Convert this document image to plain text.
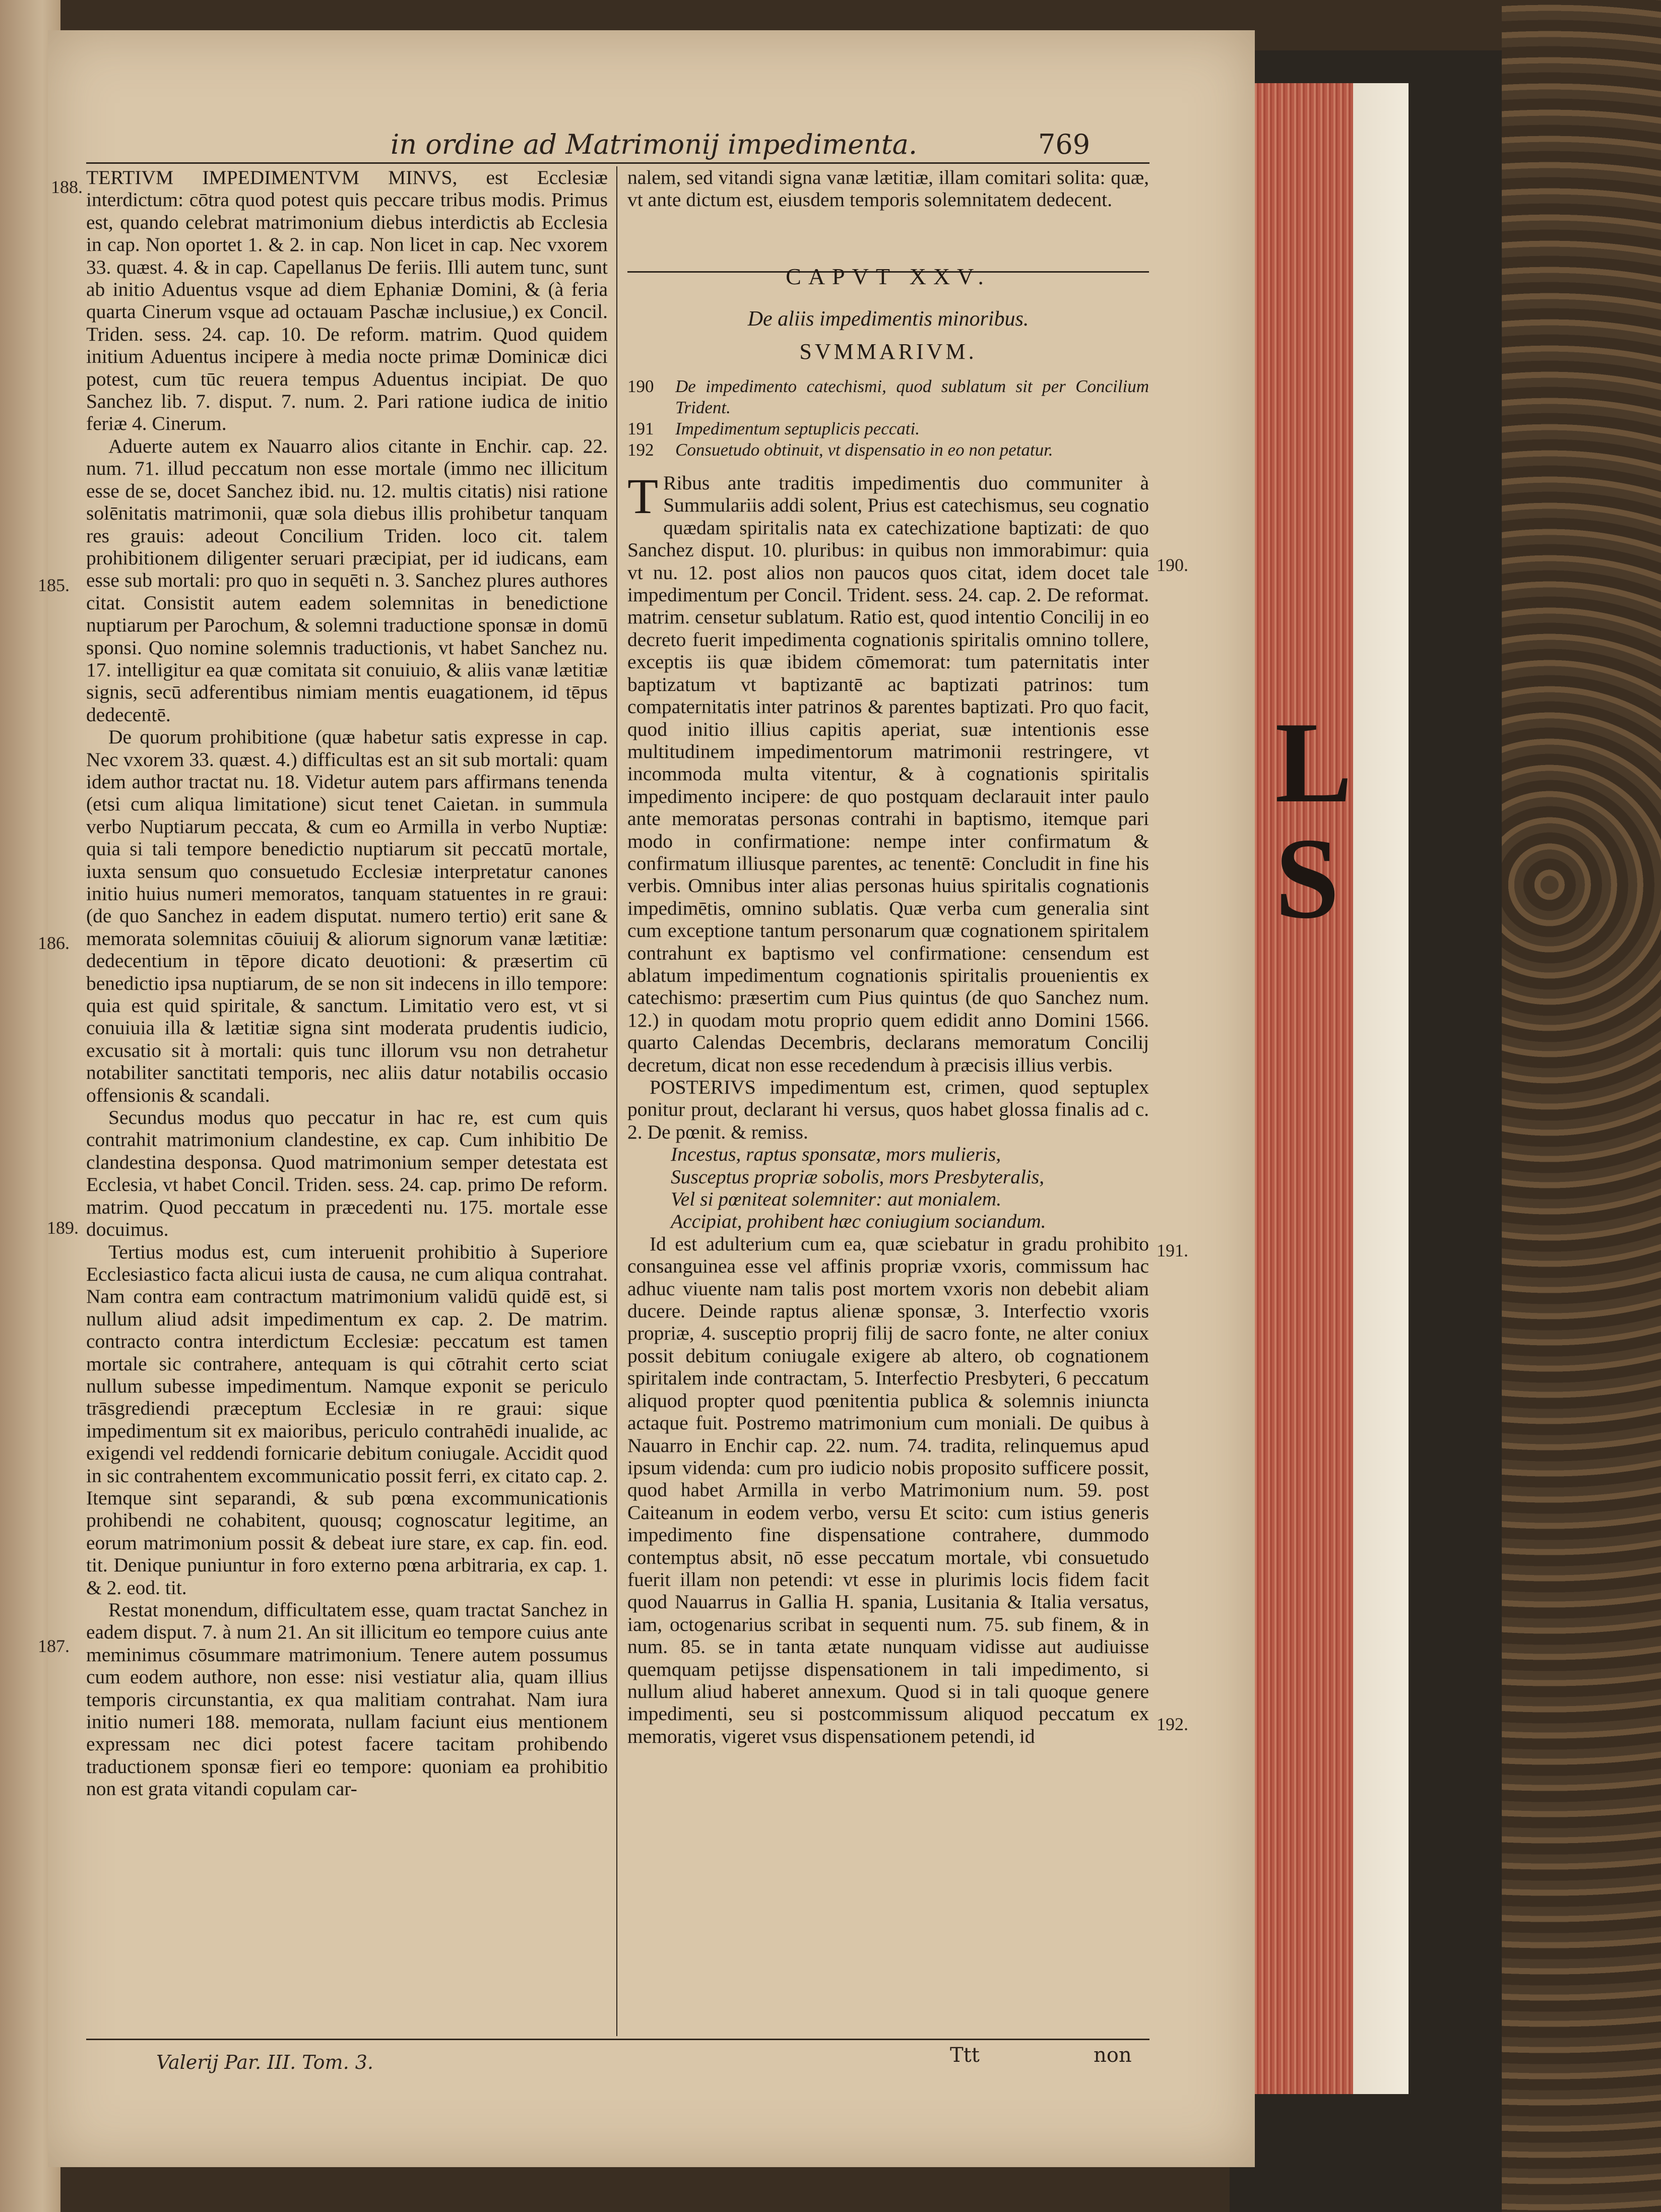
L
S
in ordine ad Matrimonij impedimenta.	769

TERTIVM IMPEDIMENTVM MINVS, est Ecclesiæ interdictum: cōtra quod potest quis peccare tribus modis. Primus est, quando celebrat matrimonium diebus interdictis ab Ecclesia in cap. Non oportet 1. & 2. in cap. Non licet in cap. Nec vxorem 33. quæst. 4. & in cap. Capellanus De feriis. Illi autem tunc, sunt ab initio Aduentus vsque ad diem Ephaniæ Domini, & (à feria quarta Cinerum vsque ad octauam Paschæ inclusiue,) ex Concil. Triden. sess. 24. cap. 10. De reform. matrim. Quod quidem initium Aduentus incipere à media nocte primæ Dominicæ dici potest, cum tūc reuera tempus Aduentus incipiat. De quo Sanchez lib. 7. disput. 7. num. 2. Pari ratione iudica de initio feriæ 4. Cinerum.

Aduerte autem ex Nauarro alios citante in Enchir. cap. 22. num. 71. illud peccatum non esse mortale (immo nec illicitum esse de se, docet Sanchez ibid. nu. 12. multis citatis) nisi ratione solēnitatis matrimonii, quæ sola diebus illis prohibetur tanquam res grauis: adeout Concilium Triden. loco cit. talem prohibitionem diligenter seruari præcipiat, per id iudicans, eam esse sub mortali: pro quo in sequēti n. 3. Sanchez plures authores citat. Consistit autem eadem solemnitas in benedictione nuptiarum per Parochum, & solemni traductione sponsæ in domū sponsi. Quo nomine solemnis traductionis, vt habet Sanchez nu. 17. intelligitur ea quæ comitata sit conuiuio, & aliis vanæ lætitiæ signis, secū adferentibus nimiam mentis euagationem, id tēpus dedecentē.

De quorum prohibitione (quæ habetur satis expresse in cap. Nec vxorem 33. quæst. 4.) difficultas est an sit sub mortali: quam idem author tractat nu. 18. Videtur autem pars affirmans tenenda (etsi cum aliqua limitatione) sicut tenet Caietan. in summula verbo Nuptiarum peccata, & cum eo Armilla in verbo Nuptiæ: quia si tali tempore benedictio nuptiarum sit peccatū mortale, iuxta sensum quo consuetudo Ecclesiæ interpretatur canones initio huius numeri memoratos, tanquam statuentes in re graui: (de quo Sanchez in eadem disputat. numero tertio) erit sane & memorata solemnitas cōuiuij & aliorum signorum vanæ lætitiæ: dedecentium in tēpore dicato deuotioni: & præsertim cū benedictio ipsa nuptiarum, de se non sit indecens in illo tempore: quia est quid spiritale, & sanctum. Limitatio vero est, vt si conuiuia illa & lætitiæ signa sint moderata prudentis iudicio, excusatio sit à mortali: quis tunc illorum vsu non detrahetur notabiliter sanctitati temporis, nec aliis datur notabilis occasio offensionis & scandali.

Secundus modus quo peccatur in hac re, est cum quis contrahit matrimonium clandestine, ex cap. Cum inhibitio De clandestina desponsa. Quod matrimonium semper detestata est Ecclesia, vt habet Concil. Triden. sess. 24. cap. primo De reform. matrim. Quod peccatum in præcedenti nu. 175. mortale esse docuimus.

Tertius modus est, cum interuenit prohibitio à Superiore Ecclesiastico facta alicui iusta de causa, ne cum aliqua contrahat. Nam contra eam contractum matrimonium validū quidē est, si nullum aliud adsit impedimentum ex cap. 2. De matrim. contracto contra interdictum Ecclesiæ: peccatum est tamen mortale sic contrahere, antequam is qui cōtrahit certo sciat nullum subesse impedimentum. Namque exponit se periculo trāsgrediendi præceptum Ecclesiæ in re graui: sique impedimentum sit ex maioribus, periculo contrahēdi inualide, ac exigendi vel reddendi fornicarie debitum coniugale. Accidit quod in sic contrahentem excommunicatio possit ferri, ex citato cap. 2. Itemque sint separandi, & sub pœna excommunicationis prohibendi ne cohabitent, quousq; cognoscatur legitime, an eorum matrimonium possit & debeat iure stare, ex cap. fin. eod. tit. Denique puniuntur in foro externo pœna arbitraria, ex cap. 1. & 2. eod. tit.

Restat monendum, difficultatem esse, quam tractat Sanchez in eadem disput. 7. à num 21. An sit illicitum eo tempore cuius ante meminimus cōsummare matrimonium. Tenere autem possumus cum eodem authore, non esse: nisi vestiatur alia, quam illius temporis circunstantia, ex qua malitiam contrahat. Nam iura initio numeri 188. memorata, nullam faciunt eius mentionem expressam nec dici potest facere tacitam prohibendo traductionem sponsæ fieri eo tempore: quoniam ea prohibitio non est grata vitandi copulam car-

nalem, sed vitandi signa vanæ lætitiæ, illam comitari solita: quæ, vt ante dictum est, eiusdem temporis solemnitatem dedecent.

CAPVT XXV.
De aliis impedimentis minoribus.
SVMMARIVM.
190	De impedimento catechismi, quod sublatum sit per Concilium Trident.
191	Impedimentum septuplicis peccati.
192	Consuetudo obtinuit, vt dispensatio in eo non petatur.

T Ribus ante traditis impedimentis duo communiter à Summulariis addi solent, Prius est catechismus, seu cognatio quædam spiritalis nata ex catechizatione baptizati: de quo Sanchez disput. 10. pluribus: in quibus non immorabimur: quia vt nu. 12. post alios non paucos quos citat, idem docet tale impedimentum per Concil. Trident. sess. 24. cap. 2. De reformat. matrim. censetur sublatum. Ratio est, quod intentio Concilij in eo decreto fuerit impedimenta cognationis spiritalis omnino tollere, exceptis iis quæ ibidem cōmemorat: tum paternitatis inter baptizatum vt baptizantē ac baptizati patrinos: tum compaternitatis inter patrinos & parentes baptizati. Pro quo facit, quod initio illius capitis aperiat, suæ intentionis esse multitudinem impedimentorum matrimonii restringere, vt incommoda multa vitentur, & à cognationis spiritalis impedimento incipere: de quo postquam declarauit inter paulo ante memoratas personas contrahi in baptismo, itemque pari modo in confirmatione: nempe inter confirmatum & confirmatum illiusque parentes, ac tenentē: Concludit in fine his verbis. Omnibus inter alias personas huius spiritalis cognationis impedimētis, omnino sublatis. Quæ verba cum generalia sint cum exceptione tantum personarum quæ cognationem spiritalem contrahunt ex baptismo vel confirmatione: censendum est ablatum impedimentum cognationis spiritalis prouenientis ex catechismo: præsertim cum Pius quintus (de quo Sanchez num. 12.) in quodam motu proprio quem edidit anno Domini 1566. quarto Calendas Decembris, declarans memoratum Concilij decretum, dicat non esse recedendum à præcisis illius verbis.

POSTERIVS impedimentum est, crimen, quod septuplex ponitur prout, declarant hi versus, quos habet glossa finalis ad c. 2. De pœnit. & remiss.

Incestus, raptus sponsatæ, mors mulieris,
Susceptus propriæ sobolis, mors Presbyteralis,
Vel si pœniteat solemniter: aut monialem.
Accipiat, prohibent hæc coniugium sociandum.

Id est adulterium cum ea, quæ sciebatur in gradu prohibito consanguinea esse vel affinis propriæ vxoris, commissum hac adhuc viuente nam talis post mortem vxoris non debebit aliam ducere. Deinde raptus alienæ sponsæ, 3. Interfectio vxoris propriæ, 4. susceptio proprij filij de sacro fonte, ne alter coniux possit debitum coniugale exigere ab altero, ob cognationem spiritalem inde contractam, 5. Interfectio Presbyteri, 6 peccatum aliquod propter quod pœnitentia publica & solemnis iniuncta actaque fuit. Postremo matrimonium cum moniali. De quibus à Nauarro in Enchir cap. 22. num. 74. tradita, relinquemus apud ipsum videnda: cum pro iudicio nobis proposito sufficere possit, quod habet Armilla in verbo Matrimonium num. 59. post Caiteanum in eodem verbo, versu Et scito: cum istius generis impedimento fine dispensatione contrahere, dummodo contemptus absit, nō esse peccatum mortale, vbi consuetudo fuerit illam non petendi: vt esse in plurimis locis fidem facit quod Nauarrus in Gallia H. spania, Lusitania & Italia versatus, iam, octogenarius scribat in sequenti num. 75. sub finem, & in num. 85. se in tanta ætate nunquam vidisse aut audiuisse quemquam petijsse dispensationem in tali impedimento, si nullum aliud haberet annexum. Quod si in tali quoque genere impedimenti, seu si postcommissum aliquod peccatum ex memoratis, vigeret vsus dispensationem petendi, id

188.
185.
186.
189.
187.
190.
191.
192.
Valerij Par. III. Tom. 3.	Ttt	non
